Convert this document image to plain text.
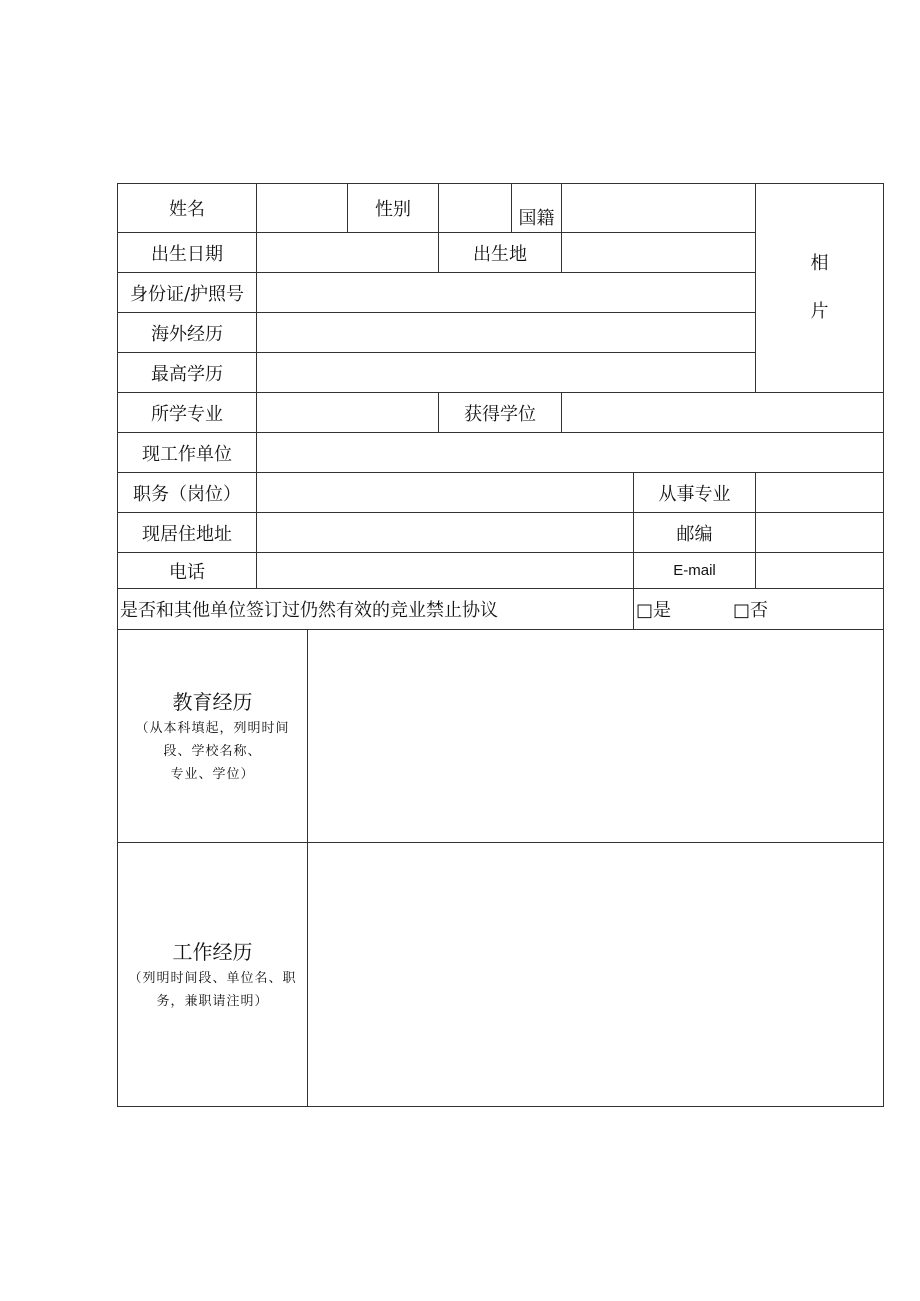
姓名			性别		国籍			相
片

出生日期				出生地				
身份证/护照号								
海外经历								
最高学历								
所学专业				获得学位				
现工作单位								
职务（岗位）							从事专业	
现居住地址							邮编	
电话							E-mail	
是否和其他单位签订过仍然有效的竞业禁止协议							□是 □否	

教育经历
（从本科填起，列明时间
段、学校名称、
专业、学位）								

工作经历
（列明时间段、单位名、职
务，兼职请注明）								
